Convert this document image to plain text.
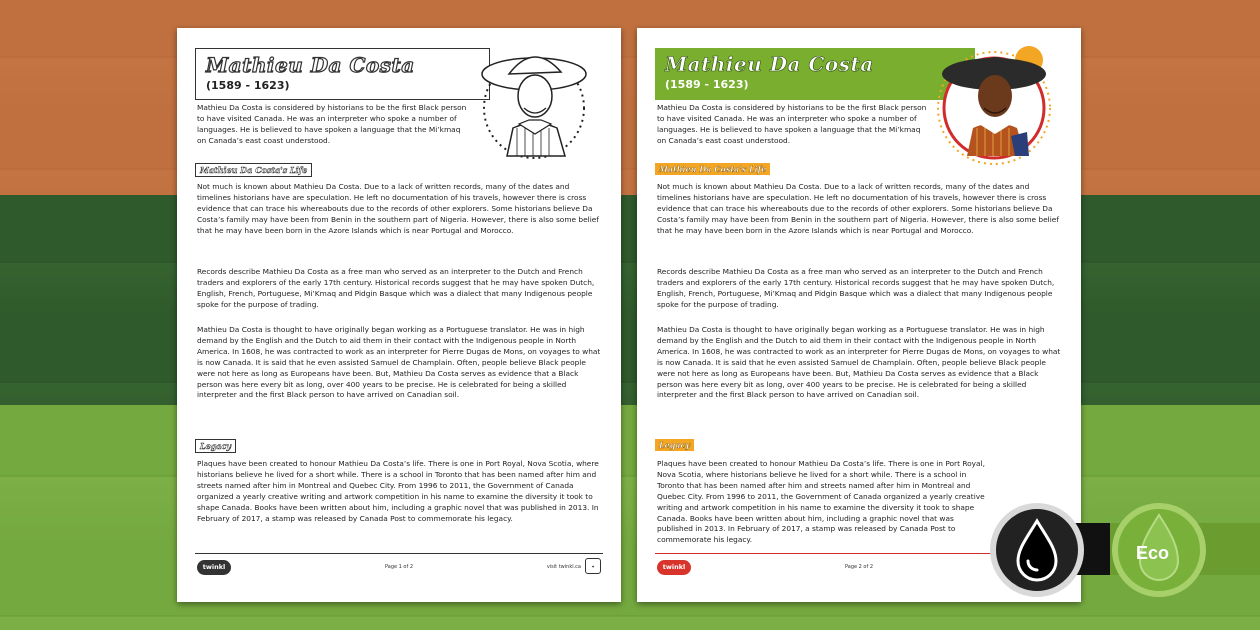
Mathieu Da Costa
(1589 - 1623)
Mathieu Da Costa is considered by historians to be the first Black person to have visited Canada. He was an interpreter who spoke a number of languages. He is believed to have spoken a language that the Mi’kmaq on Canada’s east coast understood.
Mathieu Da Costa's Life
Not much is known about Mathieu Da Costa. Due to a lack of written records, many of the dates and timelines historians have are speculation. He left no documentation of his travels, however there is cross evidence that can trace his whereabouts due to the records of other explorers. Some historians believe Da Costa’s family may have been from Benin in the southern part of Nigeria. However, there is also some belief that he may have been born in the Azore Islands which is near Portugal and Morocco.
Records describe Mathieu Da Costa as a free man who served as an interpreter to the Dutch and French traders and explorers of the early 17th century. Historical records suggest that he may have spoken Dutch, English, French, Portuguese, Mi’Kmaq and Pidgin Basque which was a dialect that many Indigenous people spoke for the purpose of trading.
Mathieu Da Costa is thought to have originally began working as a Portuguese translator. He was in high demand by the English and the Dutch to aid them in their contact with the Indigenous people in North America. In 1608, he was contracted to work as an interpreter for Pierre Dugas de Mons, on voyages to what is now Canada. It is said that he even assisted Samuel de Champlain. Often, people believe Black people were not here as long as Europeans have been. But, Mathieu Da Costa serves as evidence that a Black person was here every bit as long, over 400 years to be precise. He is celebrated for being a skilled interpreter and the first Black person to have arrived on Canadian soil.
Legacy
Plaques have been created to honour Mathieu Da Costa’s life. There is one in Port Royal, Nova Scotia, where historians believe he lived for a short while. There is a school in Toronto that has been named after him and streets named after him in Montreal and Quebec City. From 1996 to 2011, the Government of Canada organized a yearly creative writing and artwork competition in his name to examine the diversity it took to shape Canada. Books have been written about him, including a graphic novel that was published in 2013. In February of 2017, a stamp was released by Canada Post to commemorate his legacy.
twinkl	Page 1 of 2	visit twinkl.ca	✦
Mathieu Da Costa
(1589 - 1623)
Mathieu Da Costa is considered by historians to be the first Black person to have visited Canada. He was an interpreter who spoke a number of languages. He is believed to have spoken a language that the Mi’kmaq on Canada’s east coast understood.
Mathieu Da Costa's Life
Not much is known about Mathieu Da Costa. Due to a lack of written records, many of the dates and timelines historians have are speculation. He left no documentation of his travels, however there is cross evidence that can trace his whereabouts due to the records of other explorers. Some historians believe Da Costa’s family may have been from Benin in the southern part of Nigeria. However, there is also some belief that he may have been born in the Azore Islands which is near Portugal and Morocco.
Records describe Mathieu Da Costa as a free man who served as an interpreter to the Dutch and French traders and explorers of the early 17th century. Historical records suggest that he may have spoken Dutch, English, French, Portuguese, Mi’Kmaq and Pidgin Basque which was a dialect that many Indigenous people spoke for the purpose of trading.
Mathieu Da Costa is thought to have originally began working as a Portuguese translator. He was in high demand by the English and the Dutch to aid them in their contact with the Indigenous people in North America. In 1608, he was contracted to work as an interpreter for Pierre Dugas de Mons, on voyages to what is now Canada. It is said that he even assisted Samuel de Champlain. Often, people believe Black people were not here as long as Europeans have been. But, Mathieu Da Costa serves as evidence that a Black person was here every bit as long, over 400 years to be precise. He is celebrated for being a skilled interpreter and the first Black person to have arrived on Canadian soil.
Legacy
Plaques have been created to honour Mathieu Da Costa’s life. There is one in Port Royal, Nova Scotia, where historians believe he lived for a short while. There is a school in Toronto that has been named after him and streets named after him in Montreal and Quebec City. From 1996 to 2011, the Government of Canada organized a yearly creative writing and artwork competition in his name to examine the diversity it took to shape Canada. Books have been written about him, including a graphic novel that was published in 2013. In February of 2017, a stamp was released by Canada Post to commemorate his legacy.
twinkl	Page 2 of 2
Eco
